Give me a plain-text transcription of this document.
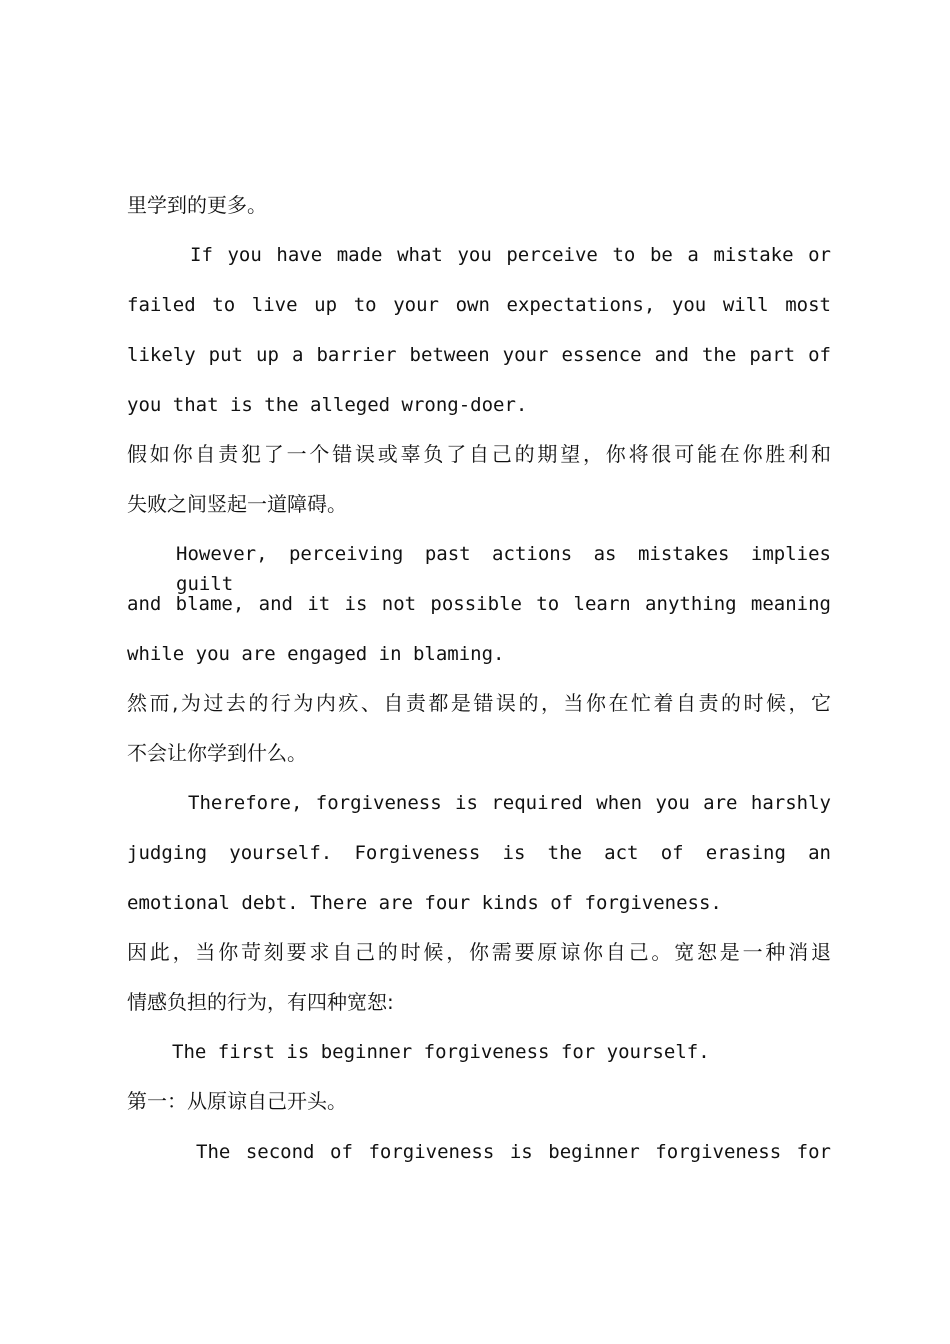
里学到的更多。
If you have made what you perceive to be a mistake or
failed to live up to your own expectations, you will most
likely put up a barrier between your essence and the part of
you that is the alleged wrong-doer.
假如你自责犯了一个错误或辜负了自己的期望，你将很可能在你胜利和
失败之间竖起一道障碍。
However, perceiving past actions as mistakes implies guilt
and blame, and it is not possible to learn anything meaning
while you are engaged in blaming.
然而,为过去的行为内疚、自责都是错误的，当你在忙着自责的时候，它
不会让你学到什么。
Therefore, forgiveness is required when you are harshly
judging yourself. Forgiveness is the act of erasing an
emotional debt. There are four kinds of forgiveness.
因此，当你苛刻要求自己的时候，你需要原谅你自己。宽恕是一种消退
情感负担的行为，有四种宽恕:
The first is beginner forgiveness for yourself.
第一：从原谅自己开头。
The second of forgiveness is beginner forgiveness for
